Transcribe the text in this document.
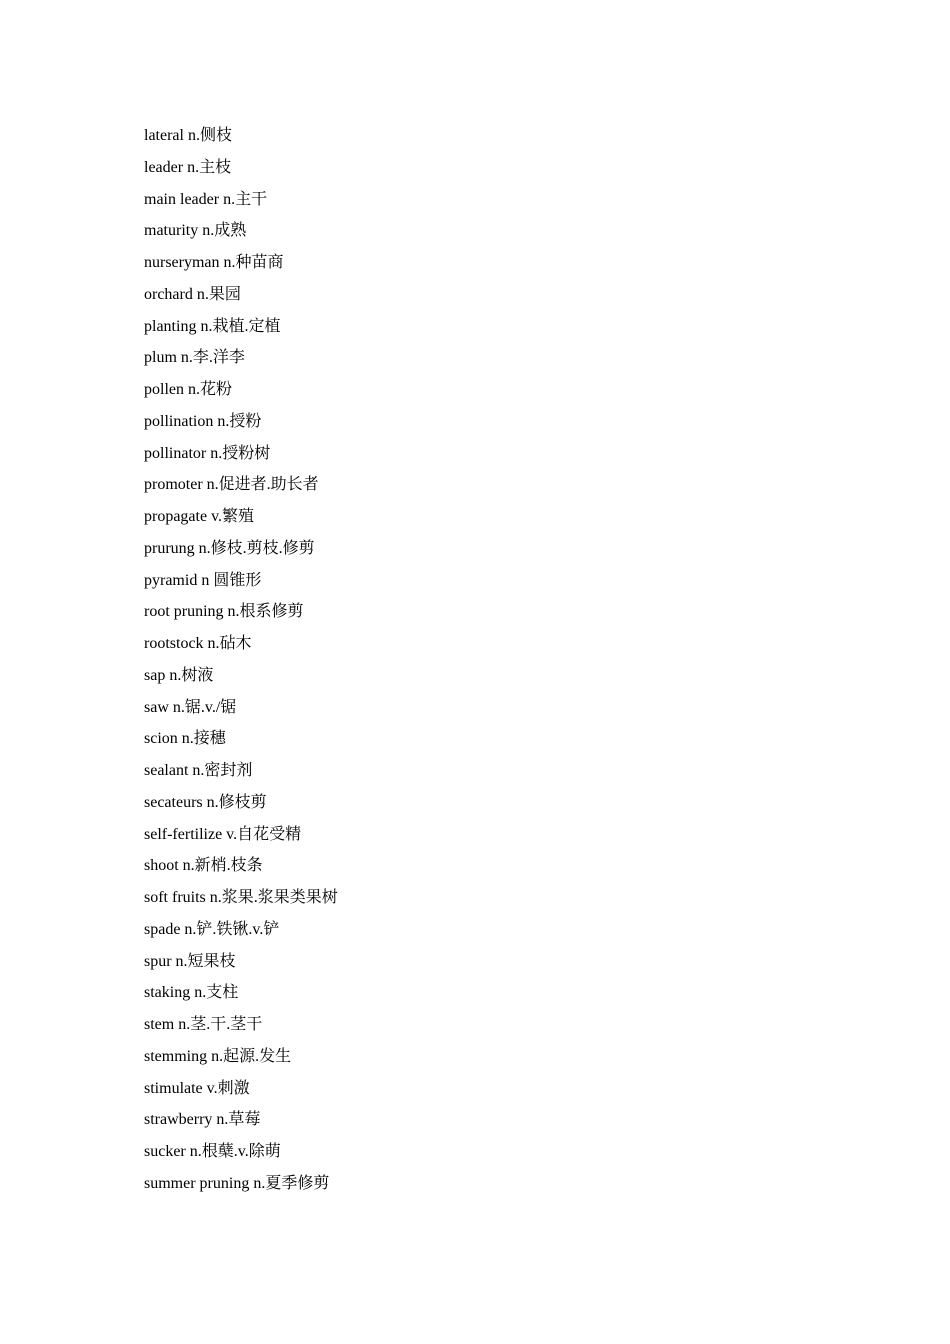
lateral n.侧枝
leader n.主枝
main leader n.主干
maturity n.成熟
nurseryman n.种苗商
orchard n.果园
planting n.栽植.定植
plum n.李.洋李
pollen n.花粉
pollination n.授粉
pollinator n.授粉树
promoter n.促进者.助长者
propagate v.繁殖
prurung n.修枝.剪枝.修剪
pyramid n 圆锥形
root pruning n.根系修剪
rootstock n.砧木
sap n.树液
saw n.锯.v./锯
scion n.接穗
sealant n.密封剂
secateurs n.修枝剪
self-fertilize v.自花受精
shoot n.新梢.枝条
soft fruits n.浆果.浆果类果树
spade n.铲.铁锹.v.铲
spur n.短果枝
staking n.支柱
stem n.茎.干.茎干
stemming n.起源.发生
stimulate v.刺激
strawberry n.草莓
sucker n.根蘖.v.除萌
summer pruning n.夏季修剪
